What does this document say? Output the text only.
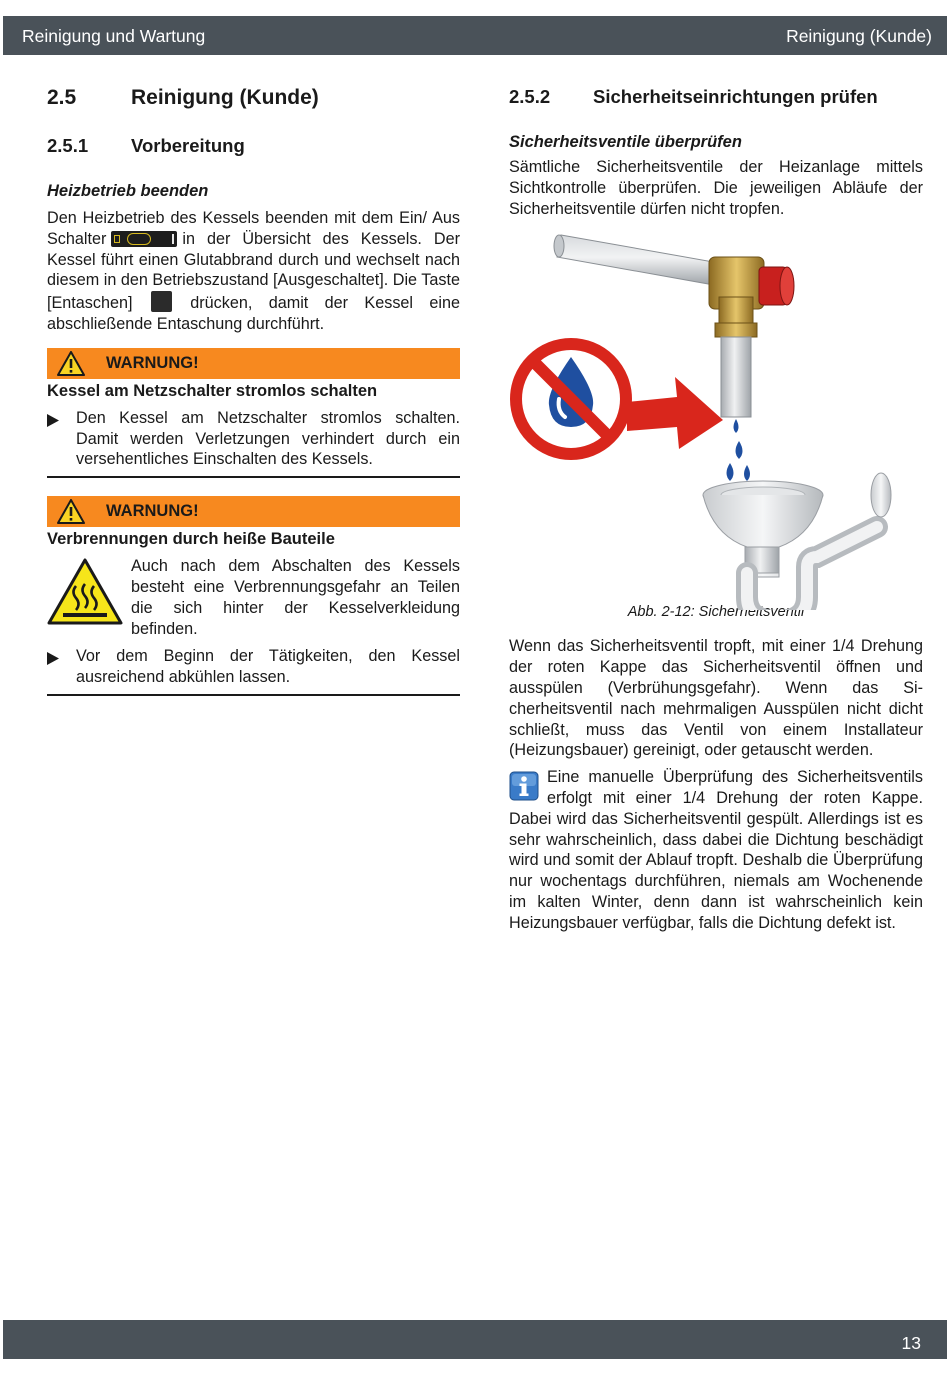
Reinigung und Wartung	Reinigung (Kunde)
2.5	Reinigung (Kunde)
2.5.1	Vorbereitung
Heizbetrieb beenden
Den Heizbetrieb des Kessels beenden mit dem Ein/ Aus Schalter	in der Übersicht des Kessels. Der Kessel führt einen Glutabbrand durch und wechselt nach diesem in den Betriebszustand [Ausgeschaltet]. Die Taste [Entaschen]	drücken, damit der Kessel eine abschließende Entaschung durchführt.
WARNUNG!
Kessel am Netzschalter stromlos schalten
Den Kessel am Netzschalter stromlos schalten. Damit werden Verletzungen verhindert durch ein versehentliches Einschalten des Kessels.
WARNUNG!
Verbrennungen durch heiße Bauteile
Auch nach dem Abschalten des Kessels besteht eine Verbrennungsgefahr an Teilen die sich hinter der Kesselverkleidung befinden.
Vor dem Beginn der Tätigkeiten, den Kessel ausreichend abkühlen lassen.
2.5.2	Sicherheitseinrichtungen prüfen
Sicherheitsventile überprüfen
Sämtliche Sicherheitsventile der Heizanlage mittels Sichtkontrolle überprüfen. Die jeweiligen Abläufe der Sicherheitsventile dürfen nicht tropfen.
Abb. 2-12: Sicherheitsventil
Wenn das Sicherheitsventil tropft, mit einer 1/4 Drehung der roten Kappe das Sicherheitsventil öffnen und ausspülen (Verbrühungsgefahr). Wenn das Sicherheitsventil nach mehrmaligen Ausspülen nicht dicht schließt, muss das Ventil von einem Installateur (Heizungsbauer) gereinigt, oder getauscht werden.
Eine manuelle Überprüfung des Sicherheitsventils erfolgt mit einer 1/4 Drehung der roten Kappe. Dabei wird das Sicherheitsventil gespült. Allerdings ist es sehr wahrscheinlich, dass dabei die Dichtung beschädigt wird und somit der Ablauf tropft. Deshalb die Überprüfung nur wochentags durchführen, niemals am Wochenende im kalten Winter, denn dann ist wahrscheinlich kein Heizungsbauer verfügbar, falls die Dichtung defekt ist.
13
